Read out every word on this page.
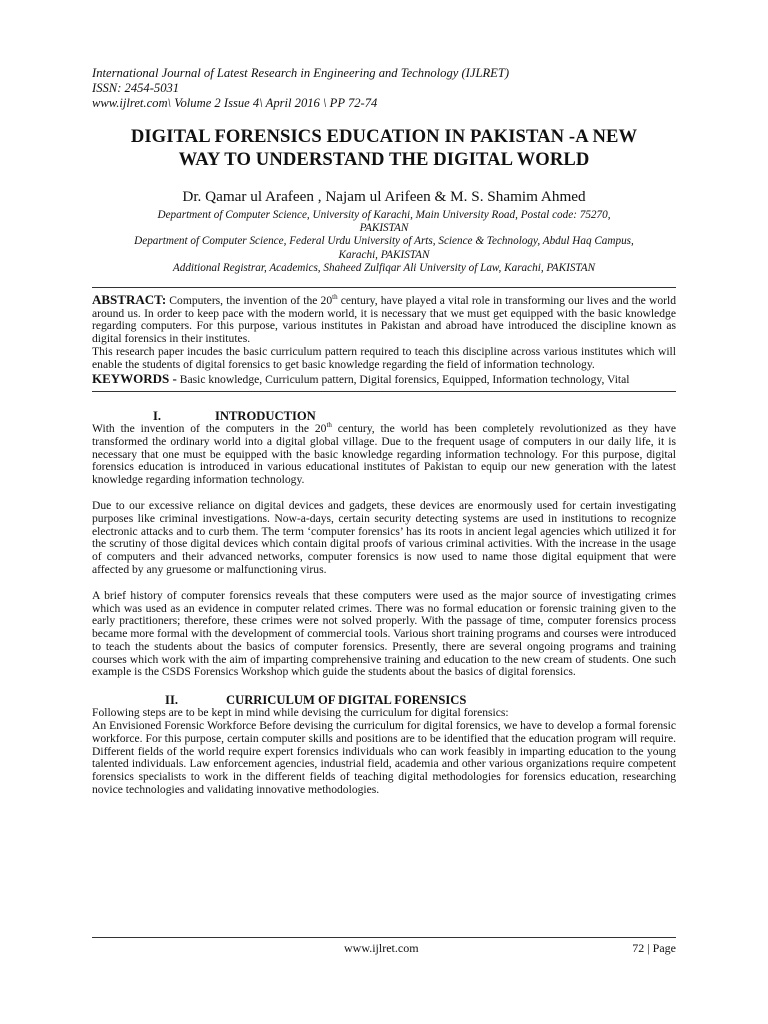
International Journal of Latest Research in Engineering and Technology (IJLRET)
ISSN: 2454-5031
www.ijlret.com\ Volume 2 Issue 4\ April 2016 \ PP 72-74
DIGITAL FORENSICS EDUCATION IN PAKISTAN -A NEW
WAY TO UNDERSTAND THE DIGITAL WORLD
Dr. Qamar ul Arafeen , Najam ul Arifeen & M. S. Shamim Ahmed
Department of Computer Science, University of Karachi, Main University Road, Postal code: 75270,
PAKISTAN
Department of Computer Science, Federal Urdu University of Arts, Science & Technology, Abdul Haq Campus,
Karachi, PAKISTAN
Additional Registrar, Academics, Shaheed Zulfiqar Ali University of Law, Karachi, PAKISTAN
ABSTRACT: Computers, the invention of the 20th century, have played a vital role in transforming our lives and the world around us. In order to keep pace with the modern world, it is necessary that we must get equipped with the basic knowledge regarding computers. For this purpose, various institutes in Pakistan and abroad have introduced the discipline known as digital forensics in their institutes.
This research paper incudes the basic curriculum pattern required to teach this discipline across various institutes which will enable the students of digital forensics to get basic knowledge regarding the field of information technology.
KEYWORDS - Basic knowledge, Curriculum pattern, Digital forensics, Equipped, Information technology, Vital
I.	INTRODUCTION
With the invention of the computers in the 20th century, the world has been completely revolutionized as they have transformed the ordinary world into a digital global village. Due to the frequent usage of computers in our daily life, it is necessary that one must be equipped with the basic knowledge regarding information technology. For this purpose, digital forensics education is introduced in various educational institutes of Pakistan to equip our new generation with the latest knowledge regarding information technology.
Due to our excessive reliance on digital devices and gadgets, these devices are enormously used for certain investigating purposes like criminal investigations. Now-a-days, certain security detecting systems are used in institutions to recognize electronic attacks and to curb them. The term ‘computer forensics’ has its roots in ancient legal agencies which utilized it for the scrutiny of those digital devices which contain digital proofs of various criminal activities. With the increase in the usage of computers and their advanced networks, computer forensics is now used to name those digital equipment that were affected by any gruesome or malfunctioning virus.
A brief history of computer forensics reveals that these computers were used as the major source of investigating crimes which was used as an evidence in computer related crimes. There was no formal education or forensic training given to the early practitioners; therefore, these crimes were not solved properly. With the passage of time, computer forensics process became more formal with the development of commercial tools. Various short training programs and courses were introduced to teach the students about the basics of computer forensics. Presently, there are several ongoing programs and training courses which work with the aim of imparting comprehensive training and education to the new cream of students. One such example is the CSDS Forensics Workshop which guide the students about the basics of digital forensics.
II.	CURRICULUM OF DIGITAL FORENSICS
Following steps are to be kept in mind while devising the curriculum for digital forensics:
An Envisioned Forensic Workforce Before devising the curriculum for digital forensics, we have to develop a formal forensic workforce. For this purpose, certain computer skills and positions are to be identified that the education program will require. Different fields of the world require expert forensics individuals who can work feasibly in imparting education to the young talented individuals. Law enforcement agencies, industrial field, academia and other various organizations require competent forensics specialists to work in the different fields of teaching digital methodologies for forensics education, researching novice technologies and validating innovative methodologies.
www.ijlret.com	72 | Page
